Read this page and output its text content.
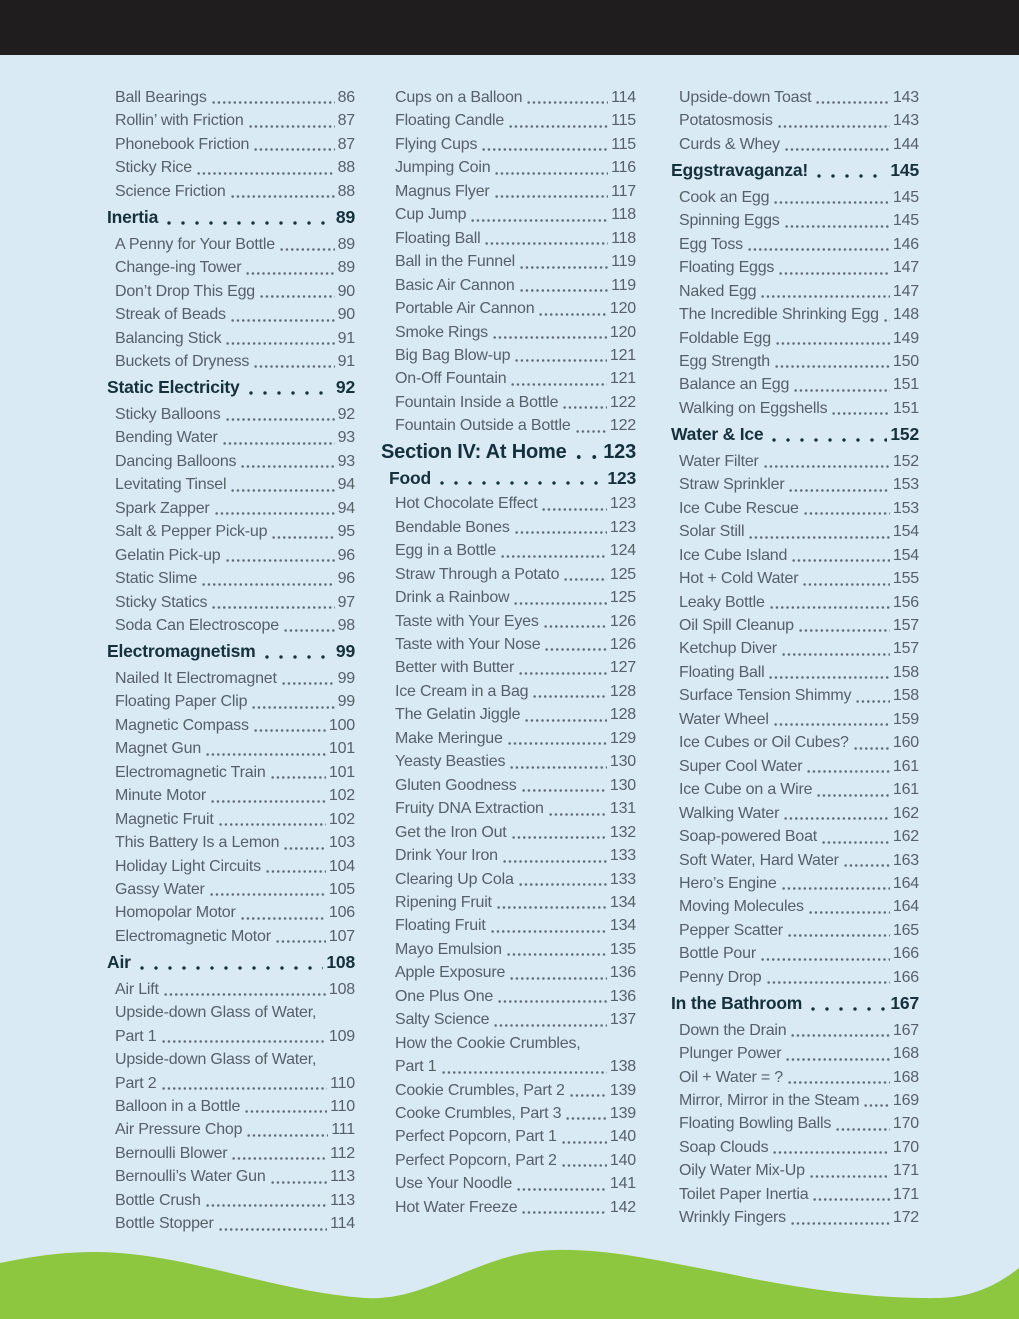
Ball Bearings	86
Rollin’ with Friction	87
Phonebook Friction	87
Sticky Rice	88
Science Friction	88
Inertia	89
A Penny for Your Bottle	89
Change-ing Tower	89
Don’t Drop This Egg	90
Streak of Beads	90
Balancing Stick	91
Buckets of Dryness	91
Static Electricity	92
Sticky Balloons	92
Bending Water	93
Dancing Balloons	93
Levitating Tinsel	94
Spark Zapper	94
Salt & Pepper Pick-up	95
Gelatin Pick-up	96
Static Slime	96
Sticky Statics	97
Soda Can Electroscope	98
Electromagnetism	99
Nailed It Electromagnet	99
Floating Paper Clip	99
Magnetic Compass	100
Magnet Gun	101
Electromagnetic Train	101
Minute Motor	102
Magnetic Fruit	102
This Battery Is a Lemon	103
Holiday Light Circuits	104
Gassy Water	105
Homopolar Motor	106
Electromagnetic Motor	107
Air	108
Air Lift	108
Upside-down Glass of Water,
Part 1	109
Upside-down Glass of Water,
Part 2	110
Balloon in a Bottle	110
Air Pressure Chop	111
Bernoulli Blower	112
Bernoulli’s Water Gun	113
Bottle Crush	113
Bottle Stopper	114
Cups on a Balloon	114
Floating Candle	115
Flying Cups	115
Jumping Coin	116
Magnus Flyer	117
Cup Jump	118
Floating Ball	118
Ball in the Funnel	119
Basic Air Cannon	119
Portable Air Cannon	120
Smoke Rings	120
Big Bag Blow-up	121
On-Off Fountain	121
Fountain Inside a Bottle	122
Fountain Outside a Bottle 122
Section IV: At Home 123
Food	123
Hot Chocolate Effect	123
Bendable Bones	123
Egg in a Bottle	124
Straw Through a Potato	125
Drink a Rainbow	125
Taste with Your Eyes	126
Taste with Your Nose	126
Better with Butter	127
Ice Cream in a Bag	128
The Gelatin Jiggle	128
Make Meringue	129
Yeasty Beasties	130
Gluten Goodness	130
Fruity DNA Extraction	131
Get the Iron Out	132
Drink Your Iron	133
Clearing Up Cola	133
Ripening Fruit	134
Floating Fruit	134
Mayo Emulsion	135
Apple Exposure	136
One Plus One	136
Salty Science	137
How the Cookie Crumbles,
Part 1	138
Cookie Crumbles, Part 2	139
Cooke Crumbles, Part 3	139
Perfect Popcorn, Part 1	140
Perfect Popcorn, Part 2	140
Use Your Noodle	141
Hot Water Freeze	142
Upside-down Toast	143
Potatosmosis	143
Curds & Whey	144
Eggstravaganza!	145
Cook an Egg	145
Spinning Eggs	145
Egg Toss	146
Floating Eggs	147
Naked Egg	147
The Incredible Shrinking Egg 148
Foldable Egg	149
Egg Strength	150
Balance an Egg	151
Walking on Eggshells	151
Water & Ice	152
Water Filter	152
Straw Sprinkler	153
Ice Cube Rescue	153
Solar Still	154
Ice Cube Island	154
Hot + Cold Water	155
Leaky Bottle	156
Oil Spill Cleanup	157
Ketchup Diver	157
Floating Ball	158
Surface Tension Shimmy	158
Water Wheel	159
Ice Cubes or Oil Cubes?	160
Super Cool Water	161
Ice Cube on a Wire	161
Walking Water	162
Soap-powered Boat	162
Soft Water, Hard Water	163
Hero’s Engine	164
Moving Molecules	164
Pepper Scatter	165
Bottle Pour	166
Penny Drop	166
In the Bathroom	167
Down the Drain	167
Plunger Power	168
Oil + Water = ?	168
Mirror, Mirror in the Steam 169
Floating Bowling Balls	170
Soap Clouds	170
Oily Water Mix-Up	171
Toilet Paper Inertia	171
Wrinkly Fingers	172
